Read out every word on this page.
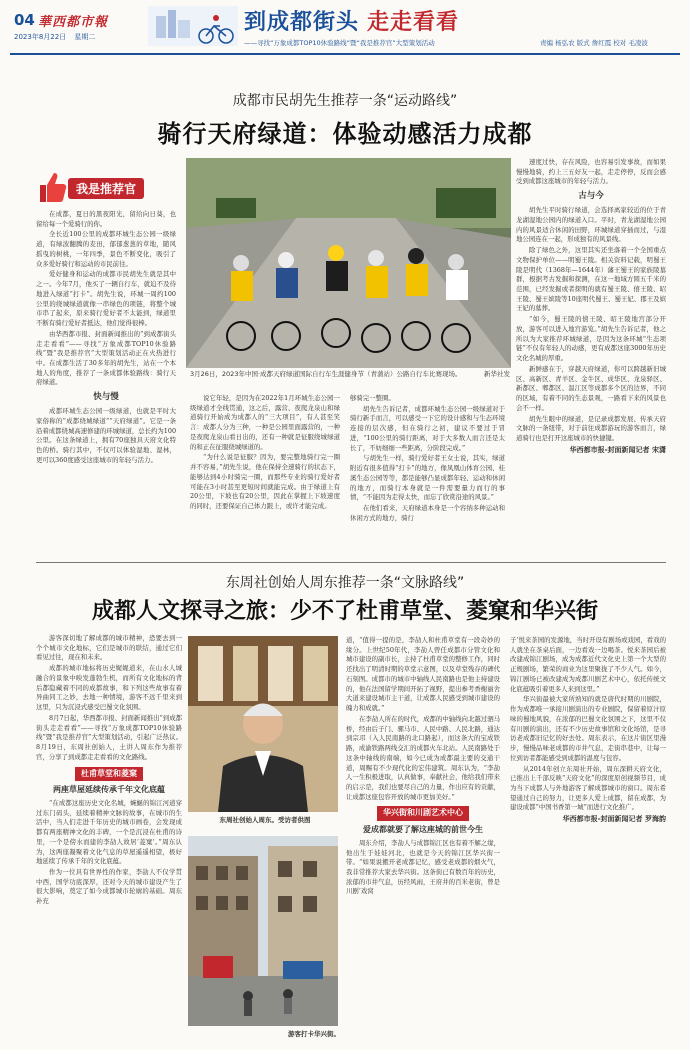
04 華西都市報
2023年8月22日 星期二
到成都街头 走走看看
——寻找“万象成都TOP10休验路线”暨“我是推荐官”大型策划活动	责编 杨弘农 版式 詹红霞 校对 毛凌波
成都市民胡先生推荐一条“运动路线”
骑行天府绿道：体验动感活力成都
我是推荐官

在成都，夏日的黑夜阳光，留给向日葵，也留给每一个爱骑行的你。

全长近100公里的成都环城生态公园一级绿道，有绿波翻腾的麦田，郁郁葱葱的草地，随风摇曳的树桃，一年四季，景色不断变化，吸引了众多爱好骑行和运动的市民前往。

爱好健身和运动的成都市民胡先生就是其中之一。今年7月，他买了一辆自行车，就迫不及待地进入绿道“打卡”。胡先生说，环城一周约100公里的绕城绿道就像一串绿色的项链，将整个城市串了起来，原来骑行爱好者不太能到，绿道里不断有骑行爱好者抵达，他们觉得很棒。

由华西都市报、封面新闻推出的“到成都街头走走看看”——寻找“万象成都TOP10休验路线”暨“我是推荐官”大型策划活动正在火热进行中。在成都生活了30多年的胡先生，站在一个本地人的角度，推荐了一条成都体验路线：骑行天府绿道。

快与慢

成都环城生态公园一级绿道，也就是平时大家俗称的“成都绕城绿道”“天府绿道”。它是一条沿着成都绕城高速修建的环城绿道，总长约为100公里。在这条绿道上，拥有70座独具天府文化特色的桥。骑行其中，不仅可以体验湿地、湿林，更可以360度感受这座城市的年轻与活力。

3月26日，2023年中国·成都天府绿道国际自行车生涯健身节（青蒲站）公路自行车比赛现场。	新华社发

说它年轻，是因为在2022年1月环城生态公园一级绿道才全线贯通，这之后，露营、夜爬龙泉山和绿道骑行开始成为成都人的“三大项目”，有人甚至笑言：成都人分为三种，一种是公园里面露营的，一种是夜爬龙泉山看日出的，还有一种就是征服绕城绿道的和正在征服绕城绿道的。

“为什么说是征服？因为，要完整地骑行完一圈并不容易，”胡先生说，他在保持全速骑行的状态下，能够达到4小时骑完一圈，而那些专业的骑行爱好者可能在3小时甚至更短时间就能完成。由于绿道上有20公里，下坡也有20公里，因此在掌握上下坡速度的同时，还要保证自己体力跟上，或许才能完成。

够骑完一整圈。

胡先生告诉记者，成都环城生态公园一级绿道对于骑行新手而言，可以感受一下它的设计感和与生态环境连接的层次感，但在骑行之初，建议不要过于冒进，“100公里的骑行距离，对于大多数人而言还是太长了，不妨细细一些距离，分阶段完成。”

与胡先生一样，骑行爱好者王女士说，其实，绿道附近有很多值得“打卡”的地方，像凤凰山体育公园、桂溪生态公园等等，都是能够凸显成都年轻、运动和休闲的地方，而骑行本身就是一件需要量力而行的事情，“不能因为走得太快，而忘了欣赏沿途的风景。”

在他们看来，天府绿道本身是一个容纳多种运动和休闲方式的地方，骑行

速度过快，存在风险，也容易引发事故，而如果慢慢地骑，约上三五好友一起，走走停停，反而会感受到成都这座城市的年轻与活力。

古与今

胡先生平时骑行绿道，会选择离家较近的位于青龙湖湿地公园内的绿道入口。平时，青龙湖湿地公园内的风景适合休闲的田野，环城绿道穿插而过，与湿地公园连在一起，形成独有的风景线。

除了绿色之外，这里其实还坐落着一个全国重点文物保护单位——明蜀王陵。相关资料记载，明蜀王陵是明代（1368年—1644年）藩王蜀王的家族陵墓群，根据考古发掘和探测，在这一地域方圆五千米的范围，已经发掘或者探明的就有蜀王陵、僖王陵、昭王陵、蜀王嫔陵等10座明代蜀王、蜀王妃、郡王及嫔王妃的墓葬。

“如今，蜀王陵的僖王陵、昭王陵地宫部分开放，游客可以进入地宫游览。”胡先生告诉记者，他之所以为大家推荐环城绿道，是因为这条环城“生态项链”不仅有年轻人的动感，更有成都这座3000年历史文化名城的厚重。

新鲜感在于，穿越天府绿道，你可以跨越新旧城区、高新区、青羊区、金牛区、成华区、龙泉驿区、新都区、郫都区、温江区等成都多个区的边界，不同的区域，有着不同的生态景观，一路看下来的风景也会不一样。

胡先生眼中的绿道，是记录成都发展、传承天府文脉的一条纽带，对于前往成都游玩的游客而言，绿道骑行也是打开这座城市的快捷键。

华西都市报-封面新闻记者 宋潇
东周社创始人周东推荐一条“文脉路线”
成都人文探寻之旅：少不了杜甫草堂、菱窠和华兴街

游客深切地了解成都的城市精神，恐要去到一个个城市文化地标，它们是城市的联结，通过它们看见过往，现在和未来。

成都的城市地标将历史娓娓道来，在山水人城融合的景象中映发蓬勃生机，而所有文化地标的背后都隐藏着不同的成都故事，和下列这些故事有着异曲同工之妙，去地一种情境，游客不远千里来到这里，只为沉浸式感受巴蜀文化氛围。

8月7日起，华西都市报、封面新闻推出“到成都街头走走看看”——寻找“万象成都TOP10休验路线”暨“我是推荐官”大型策划活动，引起广泛热议。8月19日，东周社创始人，土讲人周东作为推荐官，分享了到成都走走看看的文化路线。

杜甫草堂和菱窠
两座草屋延续传承千年文化底蕴

“在成都这座历史文化名城，蜿蜒的锦江河道穿过东门码头，延续着精神文脉的故事，在城市的生活中，当人们走进千年历史的城市画卷，会发现成都有两座精神文化的丰碑，一个是沉浸在杜甫的诗里，一个是傍水而建的李劼人故居‘菱窠’。”周东认为，这两座凝聚着文化气息的草屋遥遥相望，极好地延续了传承千年的文化底蕴。

作为一位具有世界性的作家，李劼人不仅学贯中西，国学功底深厚，还对今天的城市建设产生了很大影响，奠定了如今成都城市轮廓的基础。周东补充

东周社创始人周东。受访者供图
游客打卡华兴街。

道，“值得一提的是，李劼人和杜甫草堂有一段奇妙的缘分。上世纪50年代，李劼人曾任成都市分管文化和城市建设的副市长，主持了杜甫草堂的整修工作，同时还找出了明清时期的草堂示意图，以及草堂残存的碑代石刻图。成都市的城市中轴线人民南路也是他主持建设的，他在法国留学期间开拓了视野，提出参考香榭丽舍大道来建设城市主干道，让成都人民感受到城市建设的魄力和成就。”

在李劼人所在的时代，成都的中轴线向北越过驷马桥，经由后子门、骡马市、人民中路、人民北路，通达到宗邛（入人民南路的北口路起），而这条大的宝成铁路，成渝铁路两线交汇的成都火车北站。人民南路处于这条中轴线的南端，如今已成为成都最主要的交通干道，周赐有不少现代化的宏伟建筑。周东认为，“李劼人一生积极进取，认真做事，奉献社会，他给我们带来的启示是，我们也要尽自己的力量，作出应有的贡献，让成都这座包容开放的城市更加美好。”

华兴街和川剧艺术中心
爱成都就要了解这座城的前世今生

周东介绍，李劼人与成都锦江区也有着不解之缘，他出生于娃娃河北，也就是今天的锦江区华兴街一带。“如果说搬开老成都记忆，感受老成都的烟火气，我非常推荐大家去华兴街。这条街已有数百年的历史，浓郁的市井气息，历经风雨，王府井的百米老街，曾是川剧‘戏窝

子’悦来茶园的发源地，当时开设有剧场或戏园，看戏的人就坐在茶桌后面，一边看戏一边喝茶。悦来茶园后被改建成锦江剧场，成为成都近代文化史上第一个大型的正规剧场，繁荣的商业为这里聚拢了不少人气。如今，锦江剧场已被改建成为成都川剧艺术中心，依托传统文化底蕴吸引着更多人来到这里。”

华兴街最被大家所熟知的就是唐代时期的川剧院，作为成都唯一承接川剧演出的专业剧院，保留着原汁原味的蜀地风貌，在浓郁的巴蜀文化氛围之下，这里不仅有川剧的演出，还有不少历史故事馆和文化场馆，是寻访老成都旧记忆的好去处。周东表示，在这片街区里漫步，慢慢品味老成都的市井气息，走街串巷中，让每一位到访者都能感受到成都的温度与包容。

从2014年创立东周社开始，周东深耕天府文化，已推出上千部反映“天府文化”的深度原创视频节目，成为当下成都人与外地游客了解成都城市的窗口。周东希望通过自己的努力，让更多人爱上成都，留在成都，为建设成都“中国书香第一城”而进行文化推广。

华西都市报-封面新闻记者 罗海韵
